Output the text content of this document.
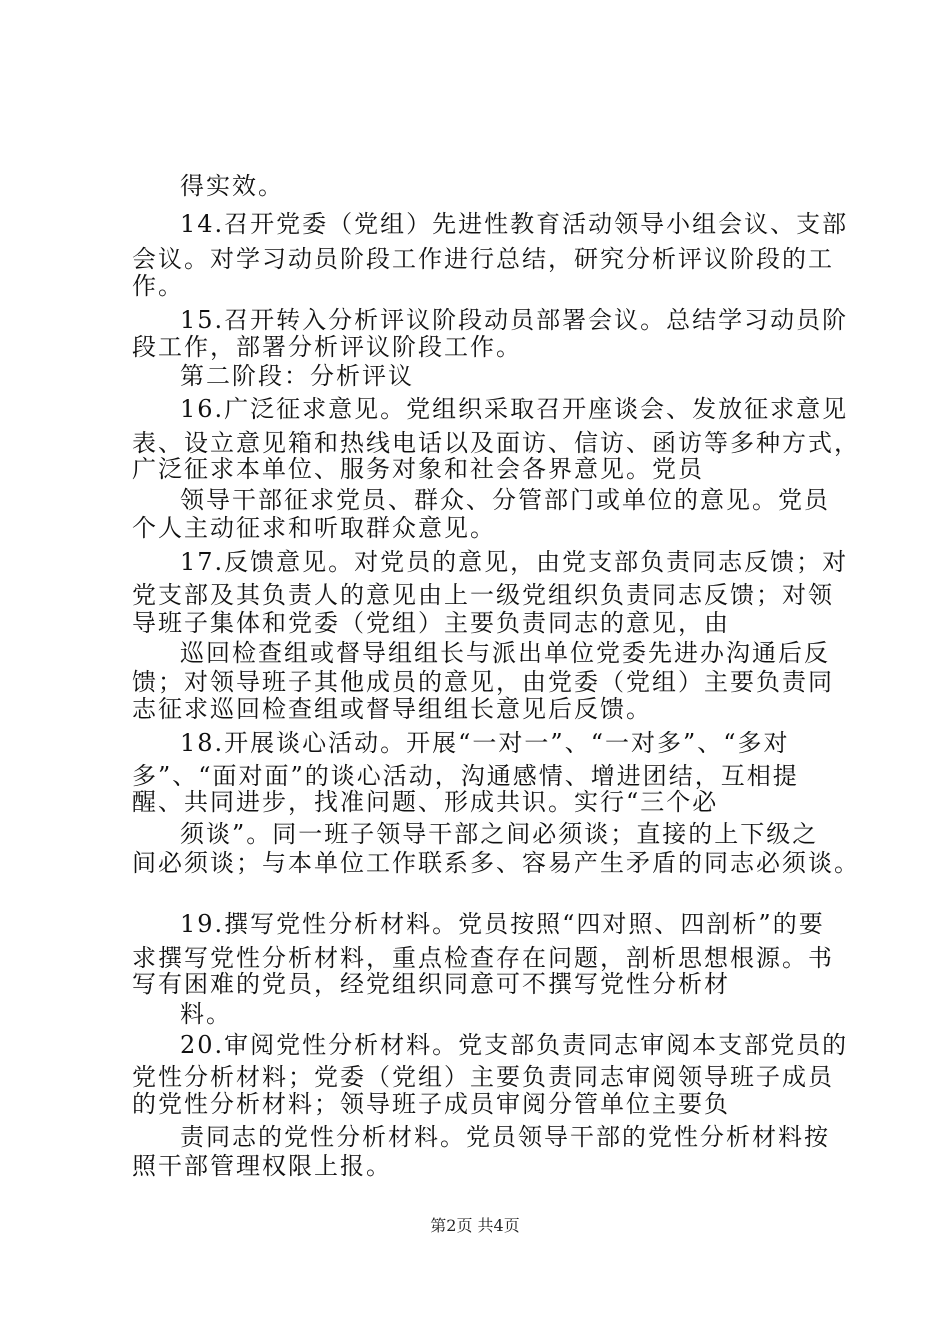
得实效。
14.召开党委（党组）先进性教育活动领导小组会议、支部
会议。对学习动员阶段工作进行总结，研究分析评议阶段的工
作。
15.召开转入分析评议阶段动员部署会议。总结学习动员阶
段工作，部署分析评议阶段工作。
第二阶段：分析评议
16.广泛征求意见。党组织采取召开座谈会、发放征求意见
表、设立意见箱和热线电话以及面访、信访、函访等多种方式，
广泛征求本单位、服务对象和社会各界意见。党员
领导干部征求党员、群众、分管部门或单位的意见。党员
个人主动征求和听取群众意见。
17.反馈意见。对党员的意见，由党支部负责同志反馈；对
党支部及其负责人的意见由上一级党组织负责同志反馈；对领
导班子集体和党委（党组）主要负责同志的意见，由
巡回检查组或督导组组长与派出单位党委先进办沟通后反
馈；对领导班子其他成员的意见，由党委（党组）主要负责同
志征求巡回检查组或督导组组长意见后反馈。
18.开展谈心活动。开展“一对一”、“一对多”、“多对
多”、“面对面”的谈心活动，沟通感情、增进团结，互相提
醒、共同进步，找准问题、形成共识。实行“三个必
须谈”。同一班子领导干部之间必须谈；直接的上下级之
间必须谈；与本单位工作联系多、容易产生矛盾的同志必须谈。
19.撰写党性分析材料。党员按照“四对照、四剖析”的要
求撰写党性分析材料，重点检查存在问题，剖析思想根源。书
写有困难的党员，经党组织同意可不撰写党性分析材
料。
20.审阅党性分析材料。党支部负责同志审阅本支部党员的
党性分析材料；党委（党组）主要负责同志审阅领导班子成员
的党性分析材料；领导班子成员审阅分管单位主要负
责同志的党性分析材料。党员领导干部的党性分析材料按
照干部管理权限上报。
第2页 共4页
